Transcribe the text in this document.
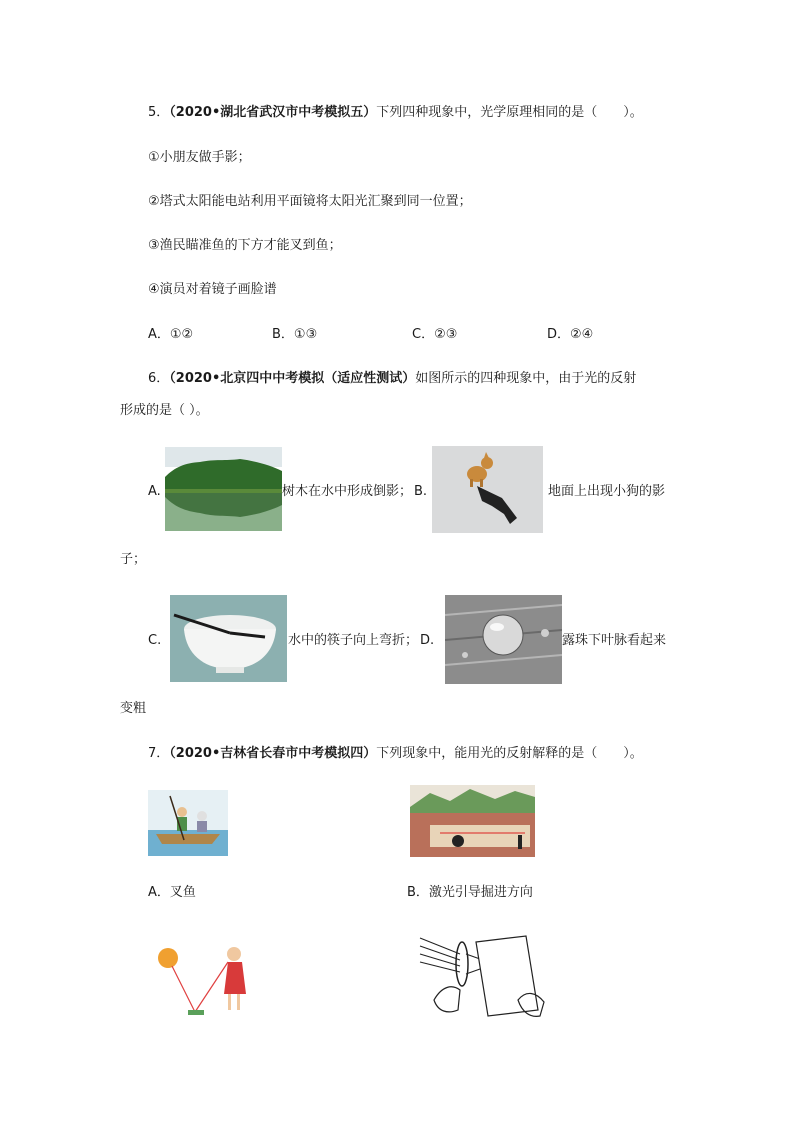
5．（2020•湖北省武汉市中考模拟五）下列四种现象中，光学原理相同的是（　　）。
①小朋友做手影；
②塔式太阳能电站利用平面镜将太阳光汇聚到同一位置；
③渔民瞄准鱼的下方才能叉到鱼；
④演员对着镜子画脸谱
A．①②	B．①③	C．②③	D．②④
6．（2020•北京四中中考模拟（适应性测试）如图所示的四种现象中，由于光的反射
形成的是（ ）。
A.	树木在水中形成倒影； B.	地面上出现小狗的影
子；
C.	水中的筷子向上弯折； D.	露珠下叶脉看起来
变粗
7．（2020•吉林省长春市中考模拟四）下列现象中，能用光的反射解释的是（　　）。
A．叉鱼	B．激光引导掘进方向
